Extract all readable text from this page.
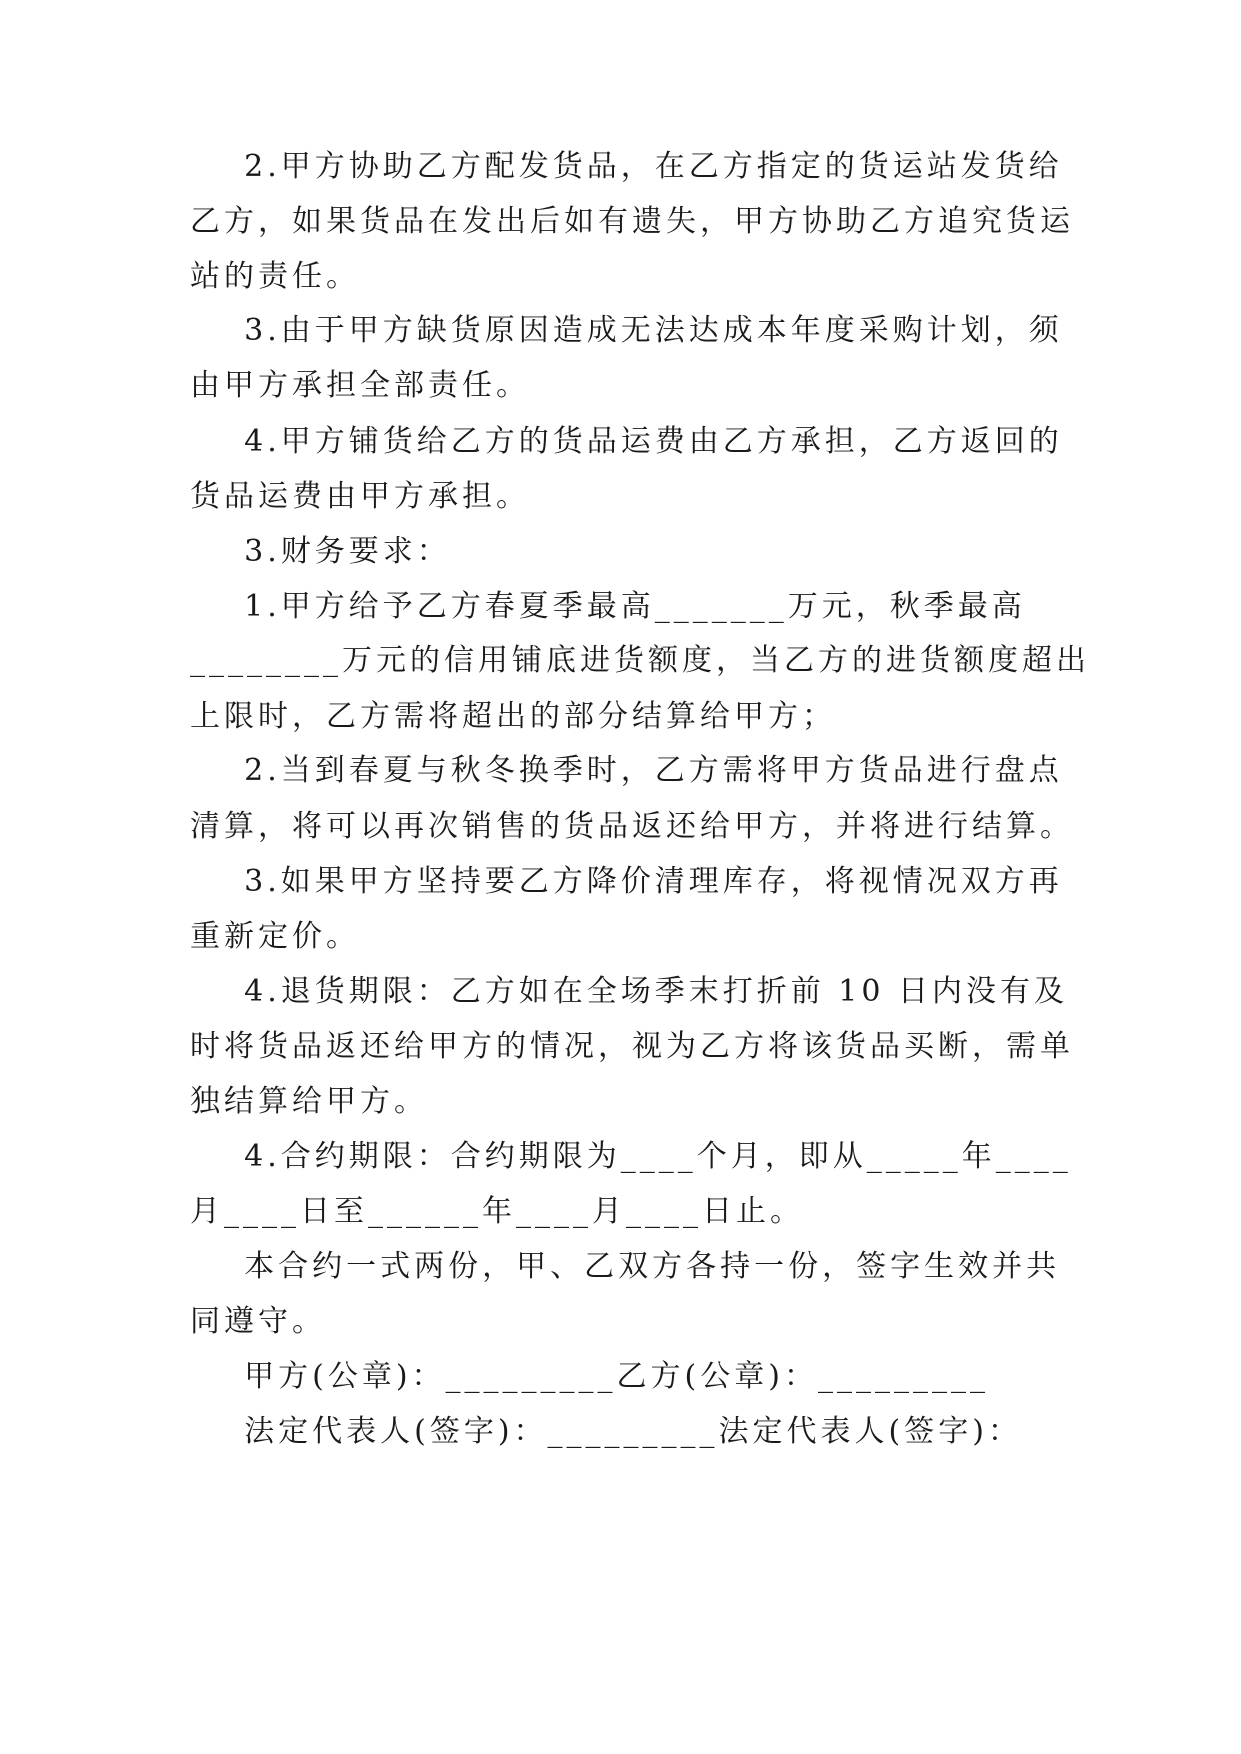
2.甲方协助乙方配发货品，在乙方指定的货运站发货给
乙方，如果货品在发出后如有遗失，甲方协助乙方追究货运
站的责任。
3.由于甲方缺货原因造成无法达成本年度采购计划，须
由甲方承担全部责任。
4.甲方铺货给乙方的货品运费由乙方承担，乙方返回的
货品运费由甲方承担。
3.财务要求：
1.甲方给予乙方春夏季最高_______万元，秋季最高
________万元的信用铺底进货额度，当乙方的进货额度超出
上限时，乙方需将超出的部分结算给甲方；
2.当到春夏与秋冬换季时，乙方需将甲方货品进行盘点
清算，将可以再次销售的货品返还给甲方，并将进行结算。
3.如果甲方坚持要乙方降价清理库存，将视情况双方再
重新定价。
4.退货期限：乙方如在全场季末打折前 10 日内没有及
时将货品返还给甲方的情况，视为乙方将该货品买断，需单
独结算给甲方。
4.合约期限：合约期限为____个月，即从_____年____
月____日至______年____月____日止。
本合约一式两份，甲、乙双方各持一份，签字生效并共
同遵守。
甲方(公章)：_________乙方(公章)：_________
法定代表人(签字)：_________法定代表人(签字)：
